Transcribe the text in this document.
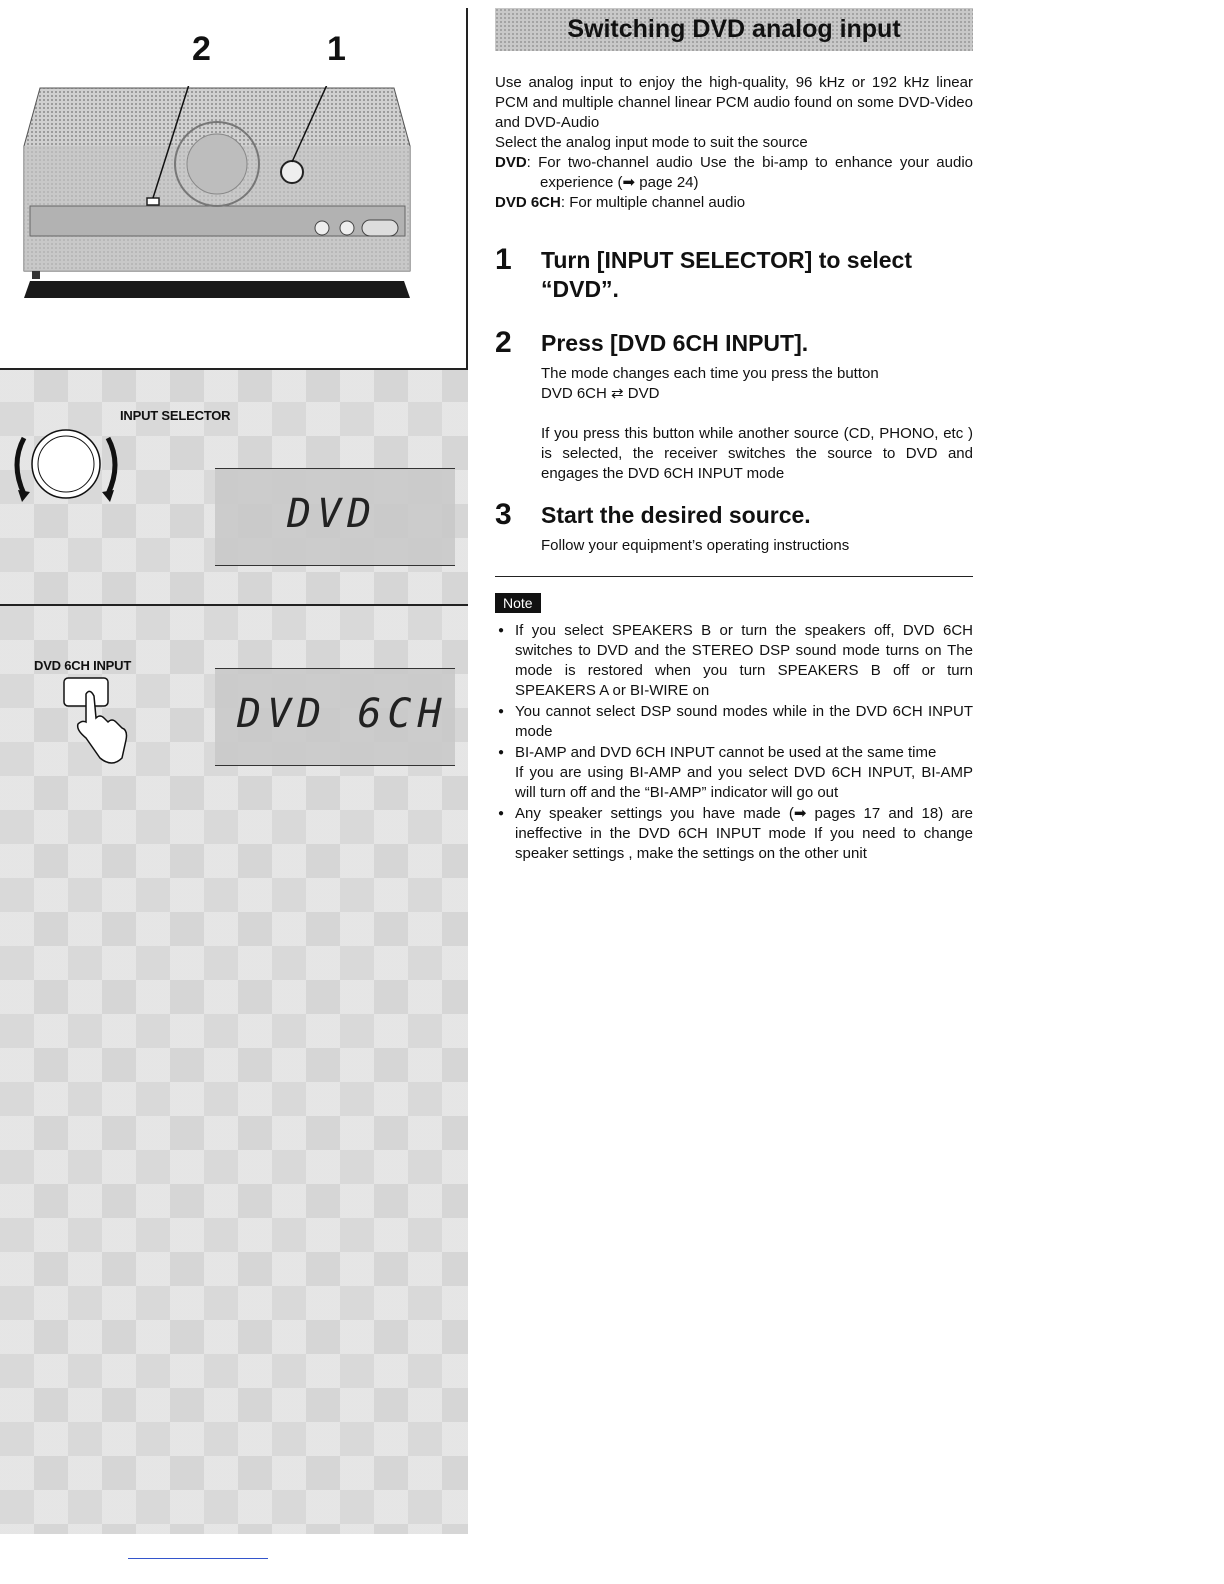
2	1
INPUT SELECTOR
DVD
DVD 6CH INPUT
DVD 6CH
Switching DVD analog input

Use analog input to enjoy the high-quality, 96 kHz or 192 kHz linear PCM and multiple channel linear PCM audio found on some DVD-Video and DVD-Audio

Select the analog input mode to suit the source

DVD: For two-channel audio Use the bi-amp to enhance your audio experience (➡ page 24)

DVD 6CH: For multiple channel audio

1 Turn [INPUT SELECTOR] to select “DVD”.
2 Press [DVD 6CH INPUT].
The mode changes each time you press the button
DVD 6CH ⇄ DVD
If you press this button while another source (CD, PHONO, etc ) is selected, the receiver switches the source to DVD and engages the DVD 6CH INPUT mode
3 Start the desired source.
Follow your equipment’s operating instructions
Note
● If you select SPEAKERS B or turn the speakers off, DVD 6CH switches to DVD and the STEREO DSP sound mode turns on The mode is restored when you turn SPEAKERS B off or turn SPEAKERS A or BI-WIRE on
● You cannot select DSP sound modes while in the DVD 6CH INPUT mode
● BI-AMP and DVD 6CH INPUT cannot be used at the same time
If you are using BI-AMP and you select DVD 6CH INPUT, BI-AMP will turn off and the “BI-AMP” indicator will go out
● Any speaker settings you have made (➡ pages 17 and 18) are ineffective in the DVD 6CH INPUT mode If you need to change speaker settings , make the settings on the other unit
